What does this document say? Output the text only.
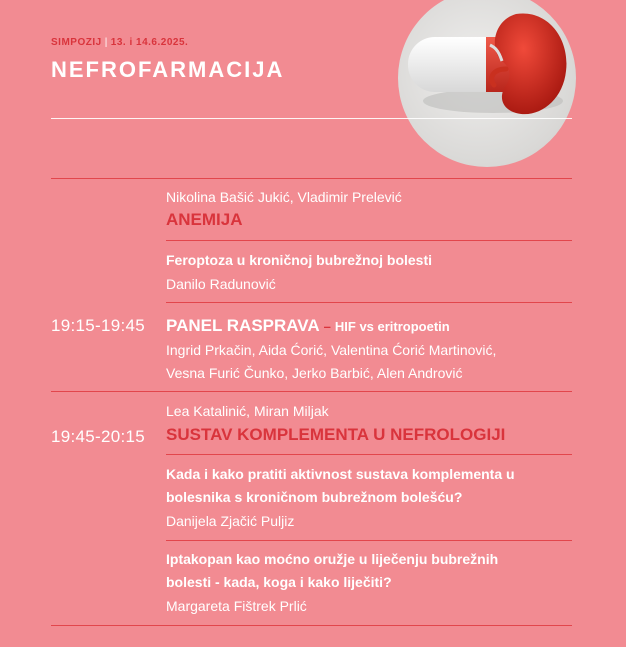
SIMPOZIJ | 13. i 14.6.2025.
NEFROFARMACIJA
Nikolina Bašić Jukić, Vladimir Prelević
ANEMIJA
Feroptoza u kroničnoj bubrežnoj bolesti
Danilo Radunović
19:15-19:45 PANEL RASPRAVA – HIF vs eritropoetin
Ingrid Prkačin, Aida Ćorić, Valentina Ćorić Martinović,
Vesna Furić Čunko, Jerko Barbić, Alen Andrović
Lea Katalinić, Miran Miljak
19:45-20:15 SUSTAV KOMPLEMENTA U NEFROLOGIJI
Kada i kako pratiti aktivnost sustava komplementa u
bolesnika s kroničnom bubrežnom bolešću?
Danijela Zjačić Puljiz
Iptakopan kao moćno oružje u liječenju bubrežnih
bolesti - kada, koga i kako liječiti?
Margareta Fištrek Prlić
